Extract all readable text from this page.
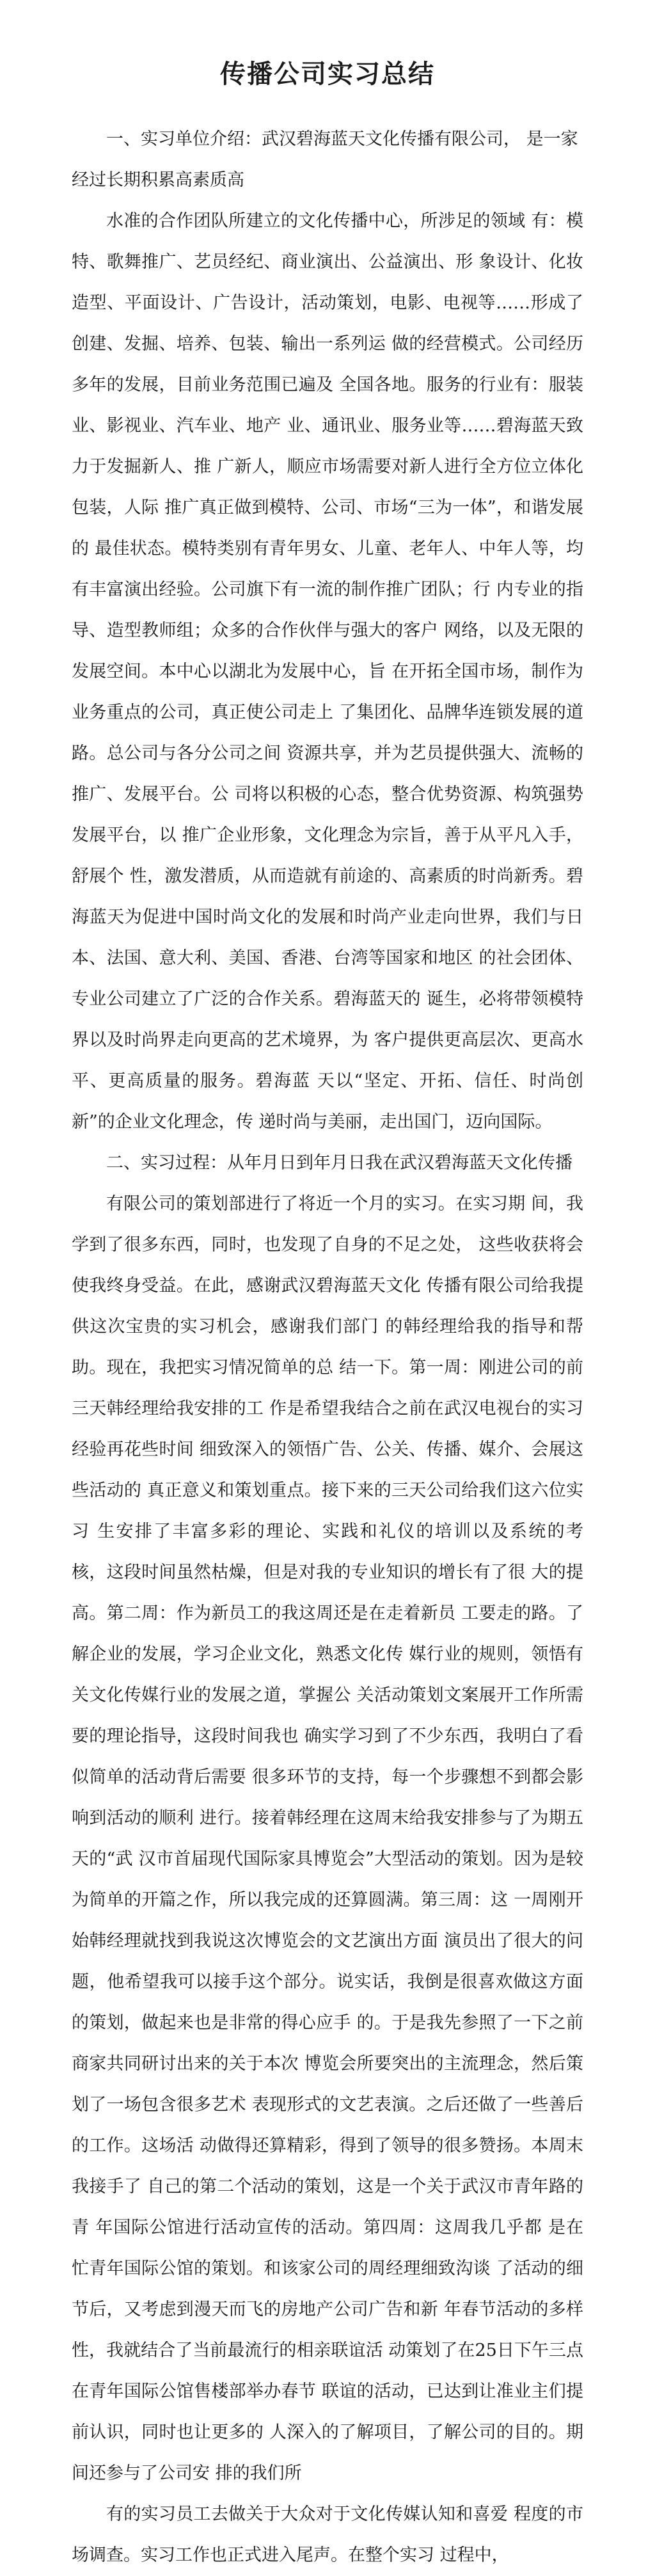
传播公司实习总结

一、实习单位介绍：武汉碧海蓝天文化传播有限公司， 是一家经过长期积累高素质高

水准的合作团队所建立的文化传播中心，所涉足的领域 有：模特、歌舞推广、艺员经纪、商业演出、公益演出、形 象设计、化妆造型、平面设计、广告设计，活动策划，电影、电视等……形成了创建、发掘、培养、包装、输出一系列运 做的经营模式。公司经历多年的发展，目前业务范围已遍及 全国各地。服务的行业有：服装业、影视业、汽车业、地产 业、通讯业、服务业等……碧海蓝天致力于发掘新人、推 广新人，顺应市场需要对新人进行全方位立体化包装，人际 推广真正做到模特、公司、市场“三为一体”，和谐发展的 最佳状态。模特类别有青年男女、儿童、老年人、中年人等，均有丰富演出经验。公司旗下有一流的制作推广团队；行 内专业的指导、造型教师组；众多的合作伙伴与强大的客户 网络，以及无限的发展空间。本中心以湖北为发展中心，旨 在开拓全国市场，制作为业务重点的公司，真正使公司走上 了集团化、品牌华连锁发展的道路。总公司与各分公司之间 资源共享，并为艺员提供强大、流畅的推广、发展平台。公 司将以积极的心态，整合优势资源、构筑强势发展平台，以 推广企业形象，文化理念为宗旨，善于从平凡入手，舒展个 性，激发潜质，从而造就有前途的、高素质的时尚新秀。碧 海蓝天为促进中国时尚文化的发展和时尚产业走向世界，我们与日本、法国、意大利、美国、香港、台湾等国家和地区 的社会团体、专业公司建立了广泛的合作关系。碧海蓝天的 诞生，必将带领模特界以及时尚界走向更高的艺术境界，为 客户提供更高层次、更高水平、更高质量的服务。碧海蓝 天以“坚定、开拓、信任、时尚创新”的企业文化理念，传 递时尚与美丽，走出国门，迈向国际。

二、实习过程：从年月日到年月日我在武汉碧海蓝天文化传播

有限公司的策划部进行了将近一个月的实习。在实习期 间，我学到了很多东西，同时，也发现了自身的不足之处， 这些收获将会使我终身受益。在此，感谢武汉碧海蓝天文化 传播有限公司给我提供这次宝贵的实习机会，感谢我们部门 的韩经理给我的指导和帮助。现在，我把实习情况简单的总 结一下。第一周：刚进公司的前三天韩经理给我安排的工 作是希望我结合之前在武汉电视台的实习经验再花些时间 细致深入的领悟广告、公关、传播、媒介、会展这些活动的 真正意义和策划重点。接下来的三天公司给我们这六位实习 生安排了丰富多彩的理论、实践和礼仪的培训以及系统的考 核，这段时间虽然枯燥，但是对我的专业知识的增长有了很 大的提高。第二周：作为新员工的我这周还是在走着新员 工要走的路。了解企业的发展，学习企业文化，熟悉文化传 媒行业的规则，领悟有关文化传媒行业的发展之道，掌握公 关活动策划文案展开工作所需要的理论指导，这段时间我也 确实学习到了不少东西，我明白了看似简单的活动背后需要 很多环节的支持，每一个步骤想不到都会影响到活动的顺利 进行。接着韩经理在这周末给我安排参与了为期五天的“武 汉市首届现代国际家具博览会”大型活动的策划。因为是较 为简单的开篇之作，所以我完成的还算圆满。第三周：这 一周刚开始韩经理就找到我说这次博览会的文艺演出方面 演员出了很大的问题，他希望我可以接手这个部分。说实话，我倒是很喜欢做这方面的策划，做起来也是非常的得心应手 的。于是我先参照了一下之前商家共同研讨出来的关于本次 博览会所要突出的主流理念，然后策划了一场包含很多艺术 表现形式的文艺表演。之后还做了一些善后的工作。这场活 动做得还算精彩，得到了领导的很多赞扬。本周末我接手了 自己的第二个活动的策划，这是一个关于武汉市青年路的青 年国际公馆进行活动宣传的活动。第四周：这周我几乎都 是在忙青年国际公馆的策划。和该家公司的周经理细致沟谈 了活动的细节后，又考虑到漫天而飞的房地产公司广告和新 年春节活动的多样性，我就结合了当前最流行的相亲联谊活 动策划了在25日下午三点在青年国际公馆售楼部举办春节 联谊的活动，已达到让准业主们提前认识，同时也让更多的 人深入的了解项目，了解公司的目的。期间还参与了公司安 排的我们所

有的实习员工去做关于大众对于文化传媒认知和喜爱 程度的市场调查。实习工作也正式进入尾声。在整个实习 过程中，
